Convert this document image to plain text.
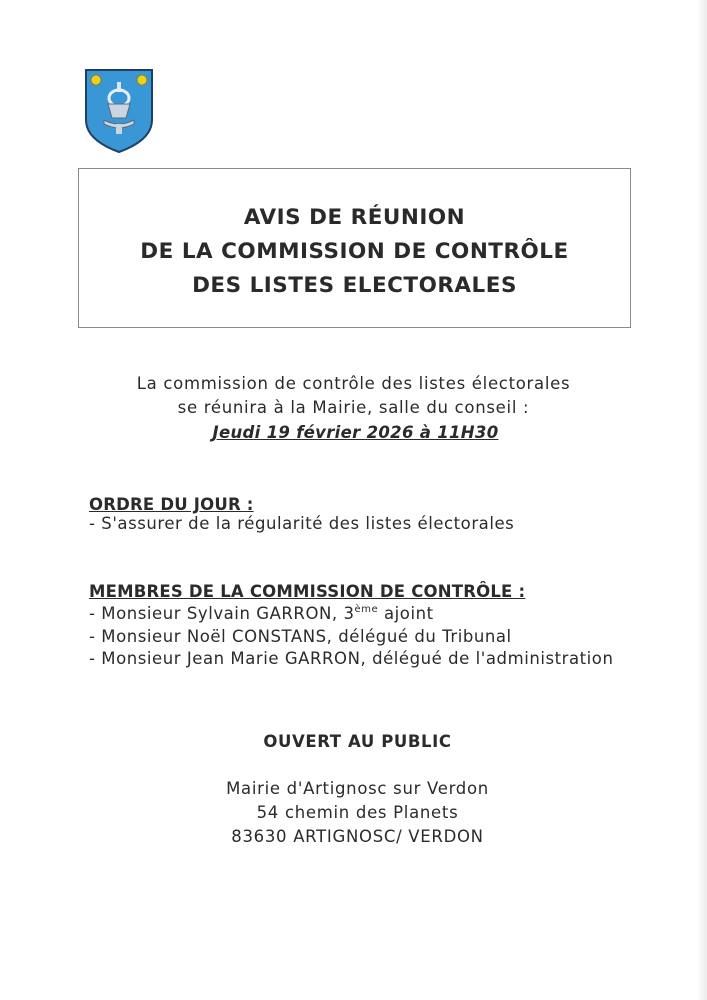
AVIS DE RÉUNION
DE LA COMMISSION DE CONTRÔLE
DES LISTES ELECTORALES
La commission de contrôle des listes électorales
se réunira à la Mairie, salle du conseil :
Jeudi 19 février 2026 à 11H30
ORDRE DU JOUR :
- S'assurer de la régularité des listes électorales
MEMBRES DE LA COMMISSION DE CONTRÔLE :
- Monsieur Sylvain GARRON, 3ème ajoint
- Monsieur Noël CONSTANS, délégué du Tribunal
- Monsieur Jean Marie GARRON, délégué de l'administration
OUVERT AU PUBLIC
Mairie d'Artignosc sur Verdon
54 chemin des Planets
83630 ARTIGNOSC/ VERDON
